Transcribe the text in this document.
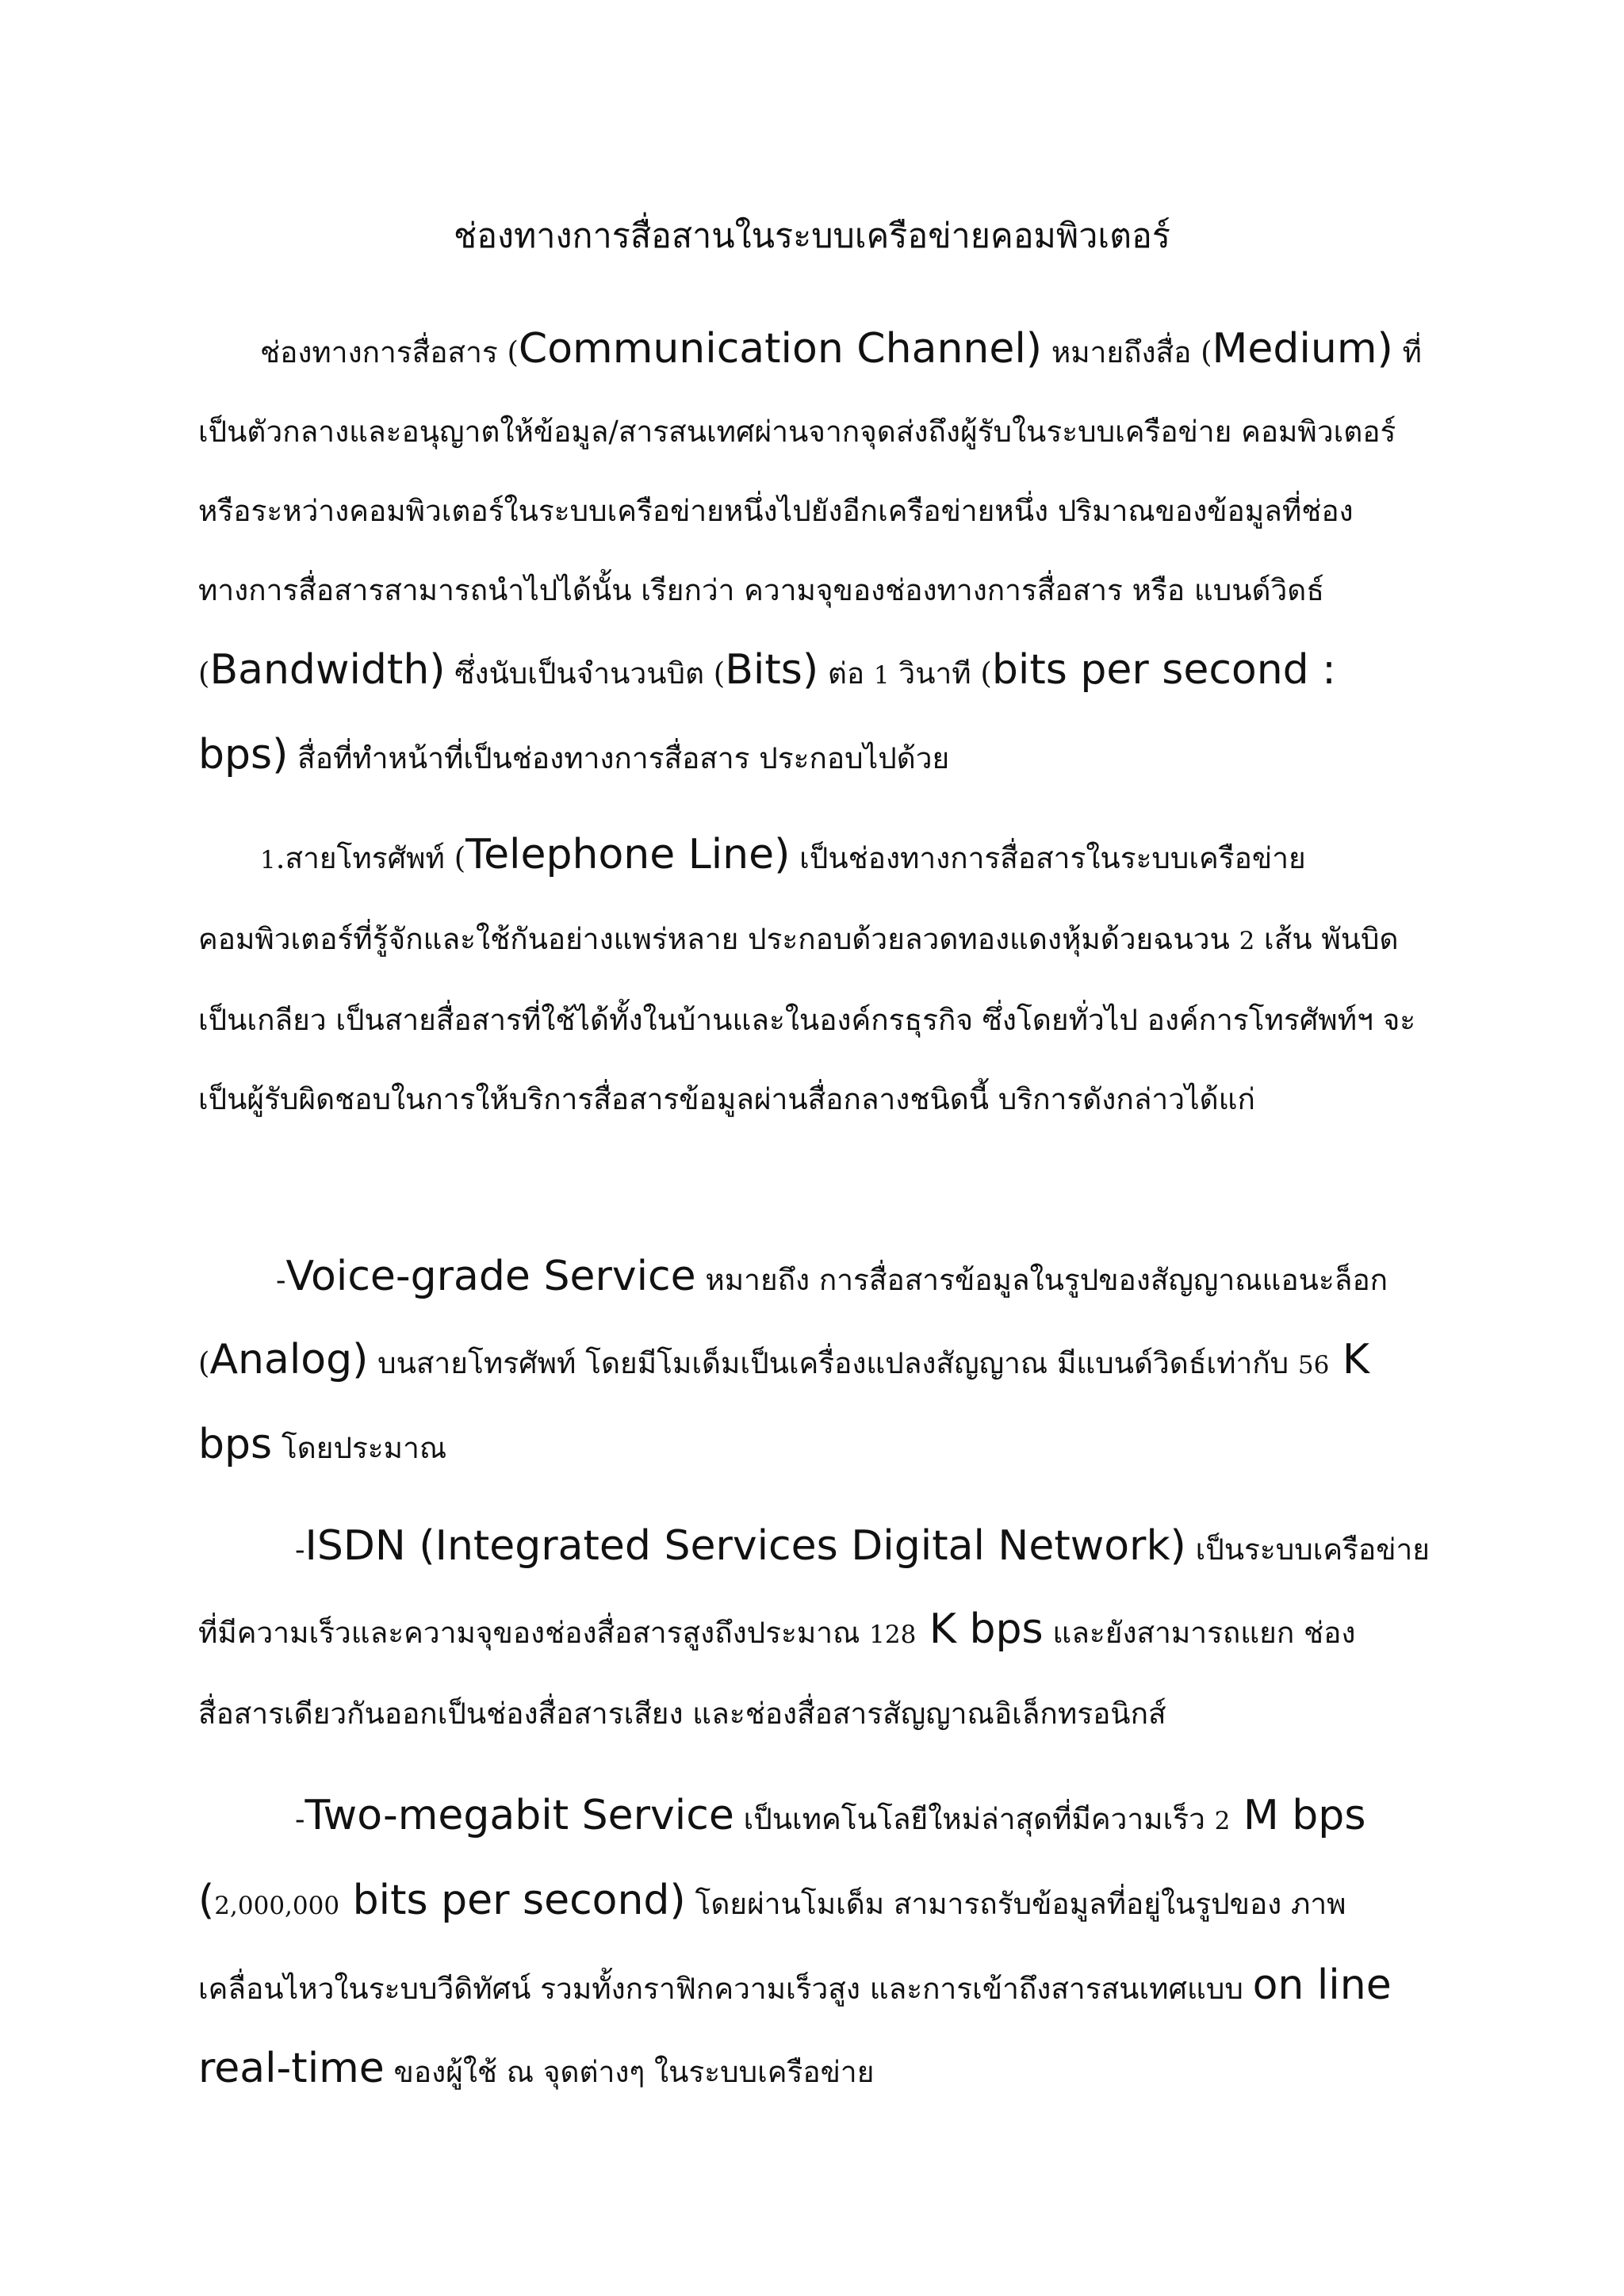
ช่องทางการสื่อสานในระบบเครือข่ายคอมพิวเตอร์
ช่องทางการสื่อสาร (Communication Channel) หมายถึงสื่อ (Medium) ที่เป็นตัวกลางและอนุญาตให้ข้อมูล/สารสนเทศผ่านจากจุดส่งถึงผู้รับในระบบเครือข่าย คอมพิวเตอร์ หรือระหว่างคอมพิวเตอร์ในระบบเครือข่ายหนึ่งไปยังอีกเครือข่ายหนึ่ง ปริมาณของข้อมูลที่ช่องทางการสื่อสารสามารถนำไปได้นั้น เรียกว่า ความจุของช่องทางการสื่อสาร หรือ แบนด์วิดธ์ (Bandwidth) ซึ่งนับเป็นจำนวนบิต (Bits) ต่อ 1 วินาที (bits per second : bps) สื่อที่ทำหน้าที่เป็นช่องทางการสื่อสาร ประกอบไปด้วย
1.สายโทรศัพท์ (Telephone Line) เป็นช่องทางการสื่อสารในระบบเครือข่าย คอมพิวเตอร์ที่รู้จักและใช้กันอย่างแพร่หลาย ประกอบด้วยลวดทองแดงหุ้มด้วยฉนวน 2 เส้น พันบิดเป็นเกลียว เป็นสายสื่อสารที่ใช้ได้ทั้งในบ้านและในองค์กรธุรกิจ ซึ่งโดยทั่วไป องค์การโทรศัพท์ฯ จะเป็นผู้รับผิดชอบในการให้บริการสื่อสารข้อมูลผ่านสื่อกลางชนิดนี้ บริการดังกล่าวได้แก่
-Voice-grade Service หมายถึง การสื่อสารข้อมูลในรูปของสัญญาณแอนะล็อก (Analog) บนสายโทรศัพท์ โดยมีโมเด็มเป็นเครื่องแปลงสัญญาณ มีแบนด์วิดธ์เท่ากับ 56 K bps โดยประมาณ
-ISDN (Integrated Services Digital Network) เป็นระบบเครือข่าย ที่มีความเร็วและความจุของช่องสื่อสารสูงถึงประมาณ 128 K bps และยังสามารถแยก ช่องสื่อสารเดียวกันออกเป็นช่องสื่อสารเสียง และช่องสื่อสารสัญญาณอิเล็กทรอนิกส์
-Two-megabit Service เป็นเทคโนโลยีใหม่ล่าสุดที่มีความเร็ว 2 M bps (2,000,000 bits per second) โดยผ่านโมเด็ม สามารถรับข้อมูลที่อยู่ในรูปของ ภาพเคลื่อนไหวในระบบวีดิทัศน์ รวมทั้งกราฟิกความเร็วสูง และการเข้าถึงสารสนเทศแบบ on line real-time ของผู้ใช้ ณ จุดต่างๆ ในระบบเครือข่าย
